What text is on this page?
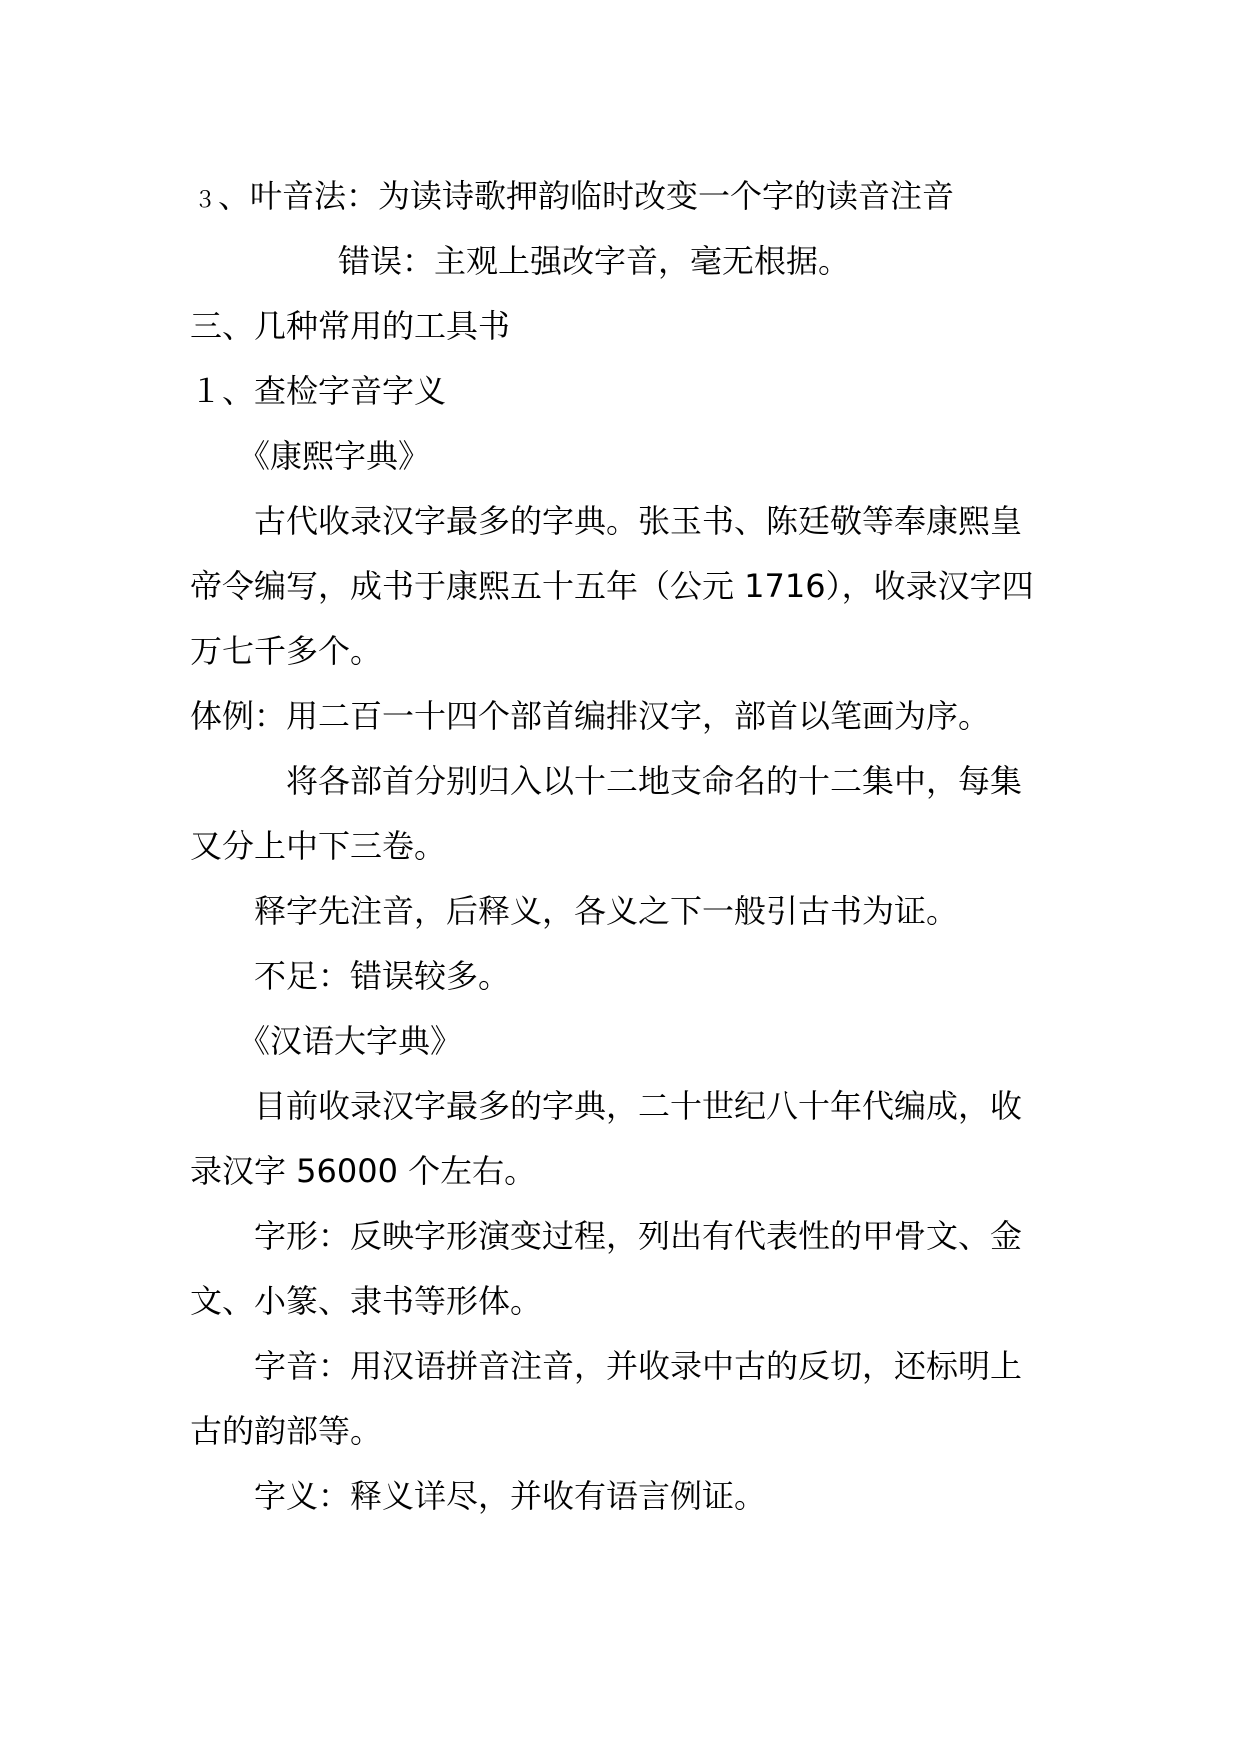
３、叶音法：为读诗歌押韵临时改变一个字的读音注音
错误：主观上强改字音，毫无根据。
三、几种常用的工具书
１、查检字音字义
《康熙字典》
古代收录汉字最多的字典。张玉书、陈廷敬等奉康熙皇
帝令编写，成书于康熙五十五年（公元 1716），收录汉字四
万七千多个。
体例：用二百一十四个部首编排汉字，部首以笔画为序。
将各部首分别归入以十二地支命名的十二集中，每集
又分上中下三卷。
释字先注音，后释义，各义之下一般引古书为证。
不足：错误较多。
《汉语大字典》
目前收录汉字最多的字典，二十世纪八十年代编成，收
录汉字 56000 个左右。
字形：反映字形演变过程，列出有代表性的甲骨文、金
文、小篆、隶书等形体。
字音：用汉语拼音注音，并收录中古的反切，还标明上
古的韵部等。
字义：释义详尽，并收有语言例证。
